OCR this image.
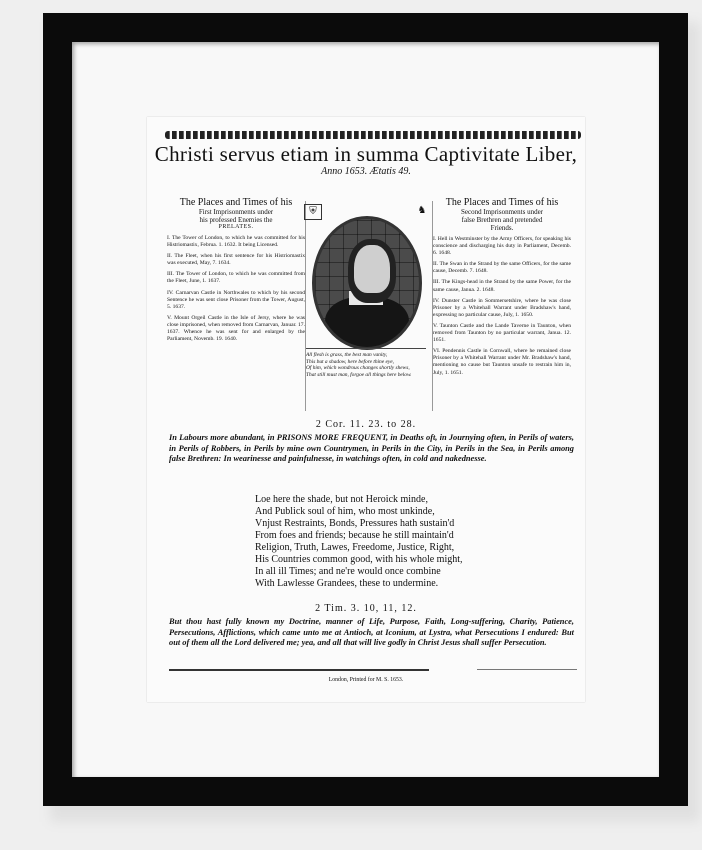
Christi servus etiam in summa Captivitate Liber,
Anno 1653. Ætatis 49.
The Places and Times of his
First Imprisonments under
his professed Enemies the
PRELATES.

I. The Tower of London, to which he was committed for his Histriomastix, Februa. 1. 1632. It being Licensed.

II. The Fleet, when his first sentence for his Histriomastix was executed, May, 7. 1634.

III. The Tower of London, to which he was committed from the Fleet, June, 1. 1637.

IV. Carnarvan Castle in Northwales to which by his second Sentence he was sent close Prisoner from the Tower, August, 5. 1637.

V. Mount Orgeil Castle in the Isle of Jersy, where he was close imprisoned, when removed from Carnarvan, Januar. 17. 1637. Whence he was sent for and enlarged by the Parliament, Novemb. 19. 1640.

⛨	♞
All flesh is grass, the best man vanity,
This but a shadow, here before thine eye,
Of him, which wondrous changes shortly shews,
That still must man, forgoe all things here below.
The Places and Times of his
Second Imprisonments under
false Brethren and pretended
Friends.

I. Hell in Westminster by the Army Officers, for speaking his conscience and discharging his duty in Parliament, Decemb. 6. 1648.

II. The Swan in the Strand by the same Officers, for the same cause, Decemb. 7. 1648.

III. The Kings-head in the Strand by the same Power, for the same cause, Janua. 2. 1648.

IV. Dunster Castle in Sommersetshire, where he was close Prisoner by a Whitehall Warrant under Bradshaw's hand, expressing no particular cause, July, 1. 1650.

V. Taunton Castle and the Lande Taverne in Taunton, when removed from Taunton by no particular warrant, Janua. 12. 1651.

VI. Pendennis Castle in Cornwall, where he remained close Prisoner by a Whitehall Warrant under Mr. Bradshaw's hand, mentioning no cause but Taunton unsafe to restrain him in, July, 1. 1651.

2 Cor. 11. 23. to 28.
In Labours more abundant, in PRISONS MORE FREQUENT, in Deaths oft, in Journying often, in Perils of waters, in Perils of Robbers, in Perils by mine own Countrymen, in Perils in the City, in Perils in the Sea, in Perils among false Brethren: In wearinesse and painfulnesse, in watchings often, in cold and nakednesse.
Loe here the shade, but not Heroick minde,
And Publick soul of him, who most unkinde,
Vnjust Restraints, Bonds, Pressures hath sustain'd
From foes and friends; because he still maintain'd
Religion, Truth, Lawes, Freedome, Justice, Right,
His Countries common good, with his whole might,
In all ill Times; and ne're would once combine
With Lawlesse Grandees, these to undermine.
2 Tim. 3. 10, 11, 12.
But thou hast fully known my Doctrine, manner of Life, Purpose, Faith, Long-suffering, Charity, Patience, Persecutions, Afflictions, which came unto me at Antioch, at Iconium, at Lystra, what Persecutions I endured: But out of them all the Lord delivered me; yea, and all that will live godly in Christ Jesus shall suffer Persecution.
London, Printed for M. S. 1653.
